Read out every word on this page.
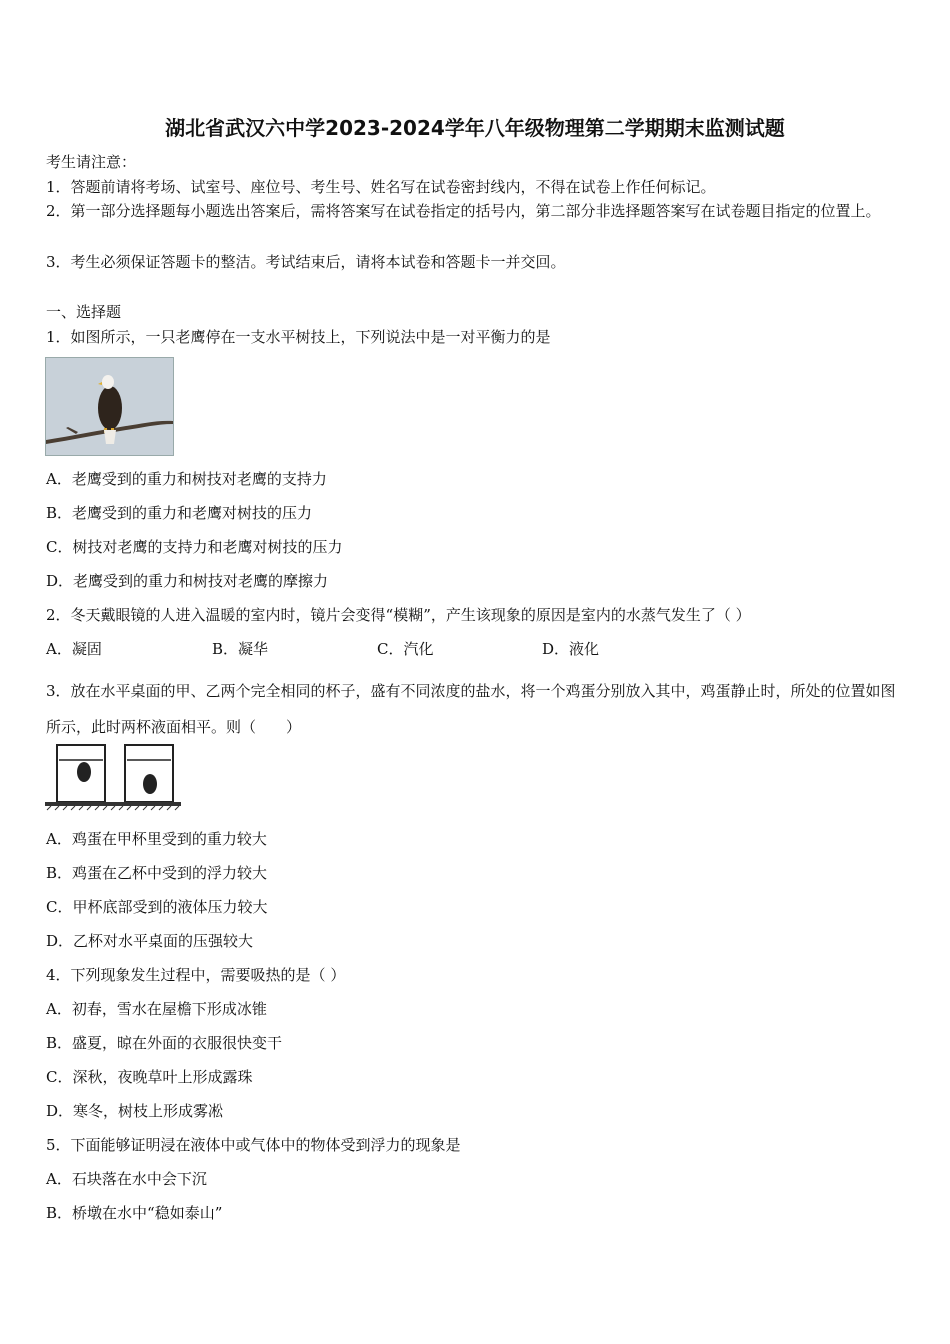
湖北省武汉六中学2023-2024学年八年级物理第二学期期末监测试题
考生请注意：
1．答题前请将考场、试室号、座位号、考生号、姓名写在试卷密封线内，不得在试卷上作任何标记。
2．第一部分选择题每小题选出答案后，需将答案写在试卷指定的括号内，第二部分非选择题答案写在试卷题目指定的位置上。
3．考生必须保证答题卡的整洁。考试结束后，请将本试卷和答题卡一并交回。
一、选择题
1．如图所示，一只老鹰停在一支水平树技上，下列说法中是一对平衡力的是
A．老鹰受到的重力和树技对老鹰的支持力
B．老鹰受到的重力和老鹰对树技的压力
C．树技对老鹰的支持力和老鹰对树技的压力
D．老鹰受到的重力和树技对老鹰的摩擦力
2．冬天戴眼镜的人进入温暖的室内时，镜片会变得“模糊”，产生该现象的原因是室内的水蒸气发生了（ ）
A．凝固	B．凝华	C．汽化	D．液化
3．放在水平桌面的甲、乙两个完全相同的杯子，盛有不同浓度的盐水，将一个鸡蛋分别放入其中，鸡蛋静止时，所处的位置如图所示，此时两杯液面相平。则（　　）
A．鸡蛋在甲杯里受到的重力较大
B．鸡蛋在乙杯中受到的浮力较大
C．甲杯底部受到的液体压力较大
D．乙杯对水平桌面的压强较大
4．下列现象发生过程中，需要吸热的是（ ）
A．初春，雪水在屋檐下形成冰锥
B．盛夏，晾在外面的衣服很快变干
C．深秋，夜晚草叶上形成露珠
D．寒冬，树枝上形成雾凇
5．下面能够证明浸在液体中或气体中的物体受到浮力的现象是
A．石块落在水中会下沉
B．桥墩在水中“稳如泰山”
